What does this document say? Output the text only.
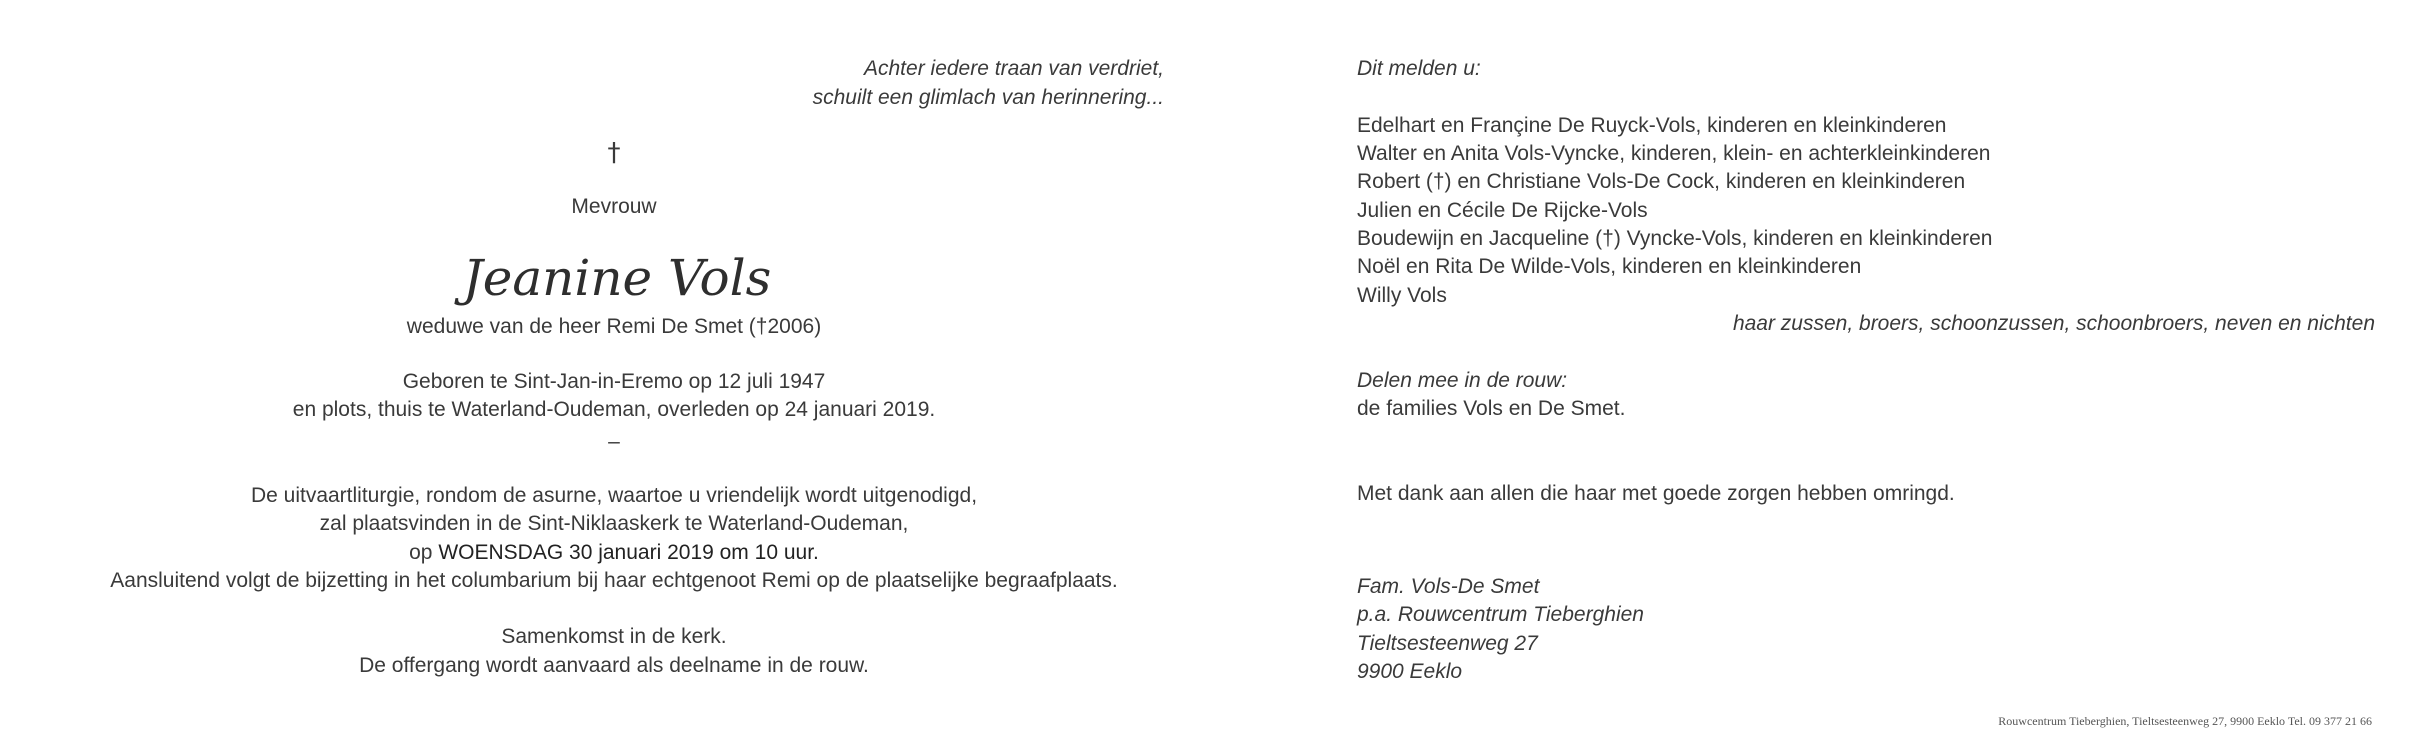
Achter iedere traan van verdriet,
schuilt een glimlach van herinnering...
†
Mevrouw
Jeanine Vols
weduwe van de heer Remi De Smet (†2006)
Geboren te Sint-Jan-in-Eremo op 12 juli 1947
en plots, thuis te Waterland-Oudeman, overleden op 24 januari 2019.
–
De uitvaartliturgie, rondom de asurne, waartoe u vriendelijk wordt uitgenodigd,
zal plaatsvinden in de Sint-Niklaaskerk te Waterland-Oudeman,
op WOENSDAG 30 januari 2019 om 10 uur.
Aansluitend volgt de bijzetting in het columbarium bij haar echtgenoot Remi op de plaatselijke begraafplaats.
Samenkomst in de kerk.
De offergang wordt aanvaard als deelname in de rouw.
Dit melden u:
Edelhart en Françine De Ruyck-Vols, kinderen en kleinkinderen
Walter en Anita Vols-Vyncke, kinderen, klein- en achterkleinkinderen
Robert (†) en Christiane Vols-De Cock, kinderen en kleinkinderen
Julien en Cécile De Rijcke-Vols
Boudewijn en Jacqueline (†) Vyncke-Vols, kinderen en kleinkinderen
Noël en Rita De Wilde-Vols, kinderen en kleinkinderen
Willy Vols
haar zussen, broers, schoonzussen, schoonbroers, neven en nichten
Delen mee in de rouw:
de families Vols en De Smet.
Met dank aan allen die haar met goede zorgen hebben omringd.
Fam. Vols-De Smet
p.a. Rouwcentrum Tieberghien
Tieltsesteenweg 27
9900 Eeklo
Rouwcentrum Tieberghien, Tieltsesteenweg 27, 9900 Eeklo Tel. 09 377 21 66
